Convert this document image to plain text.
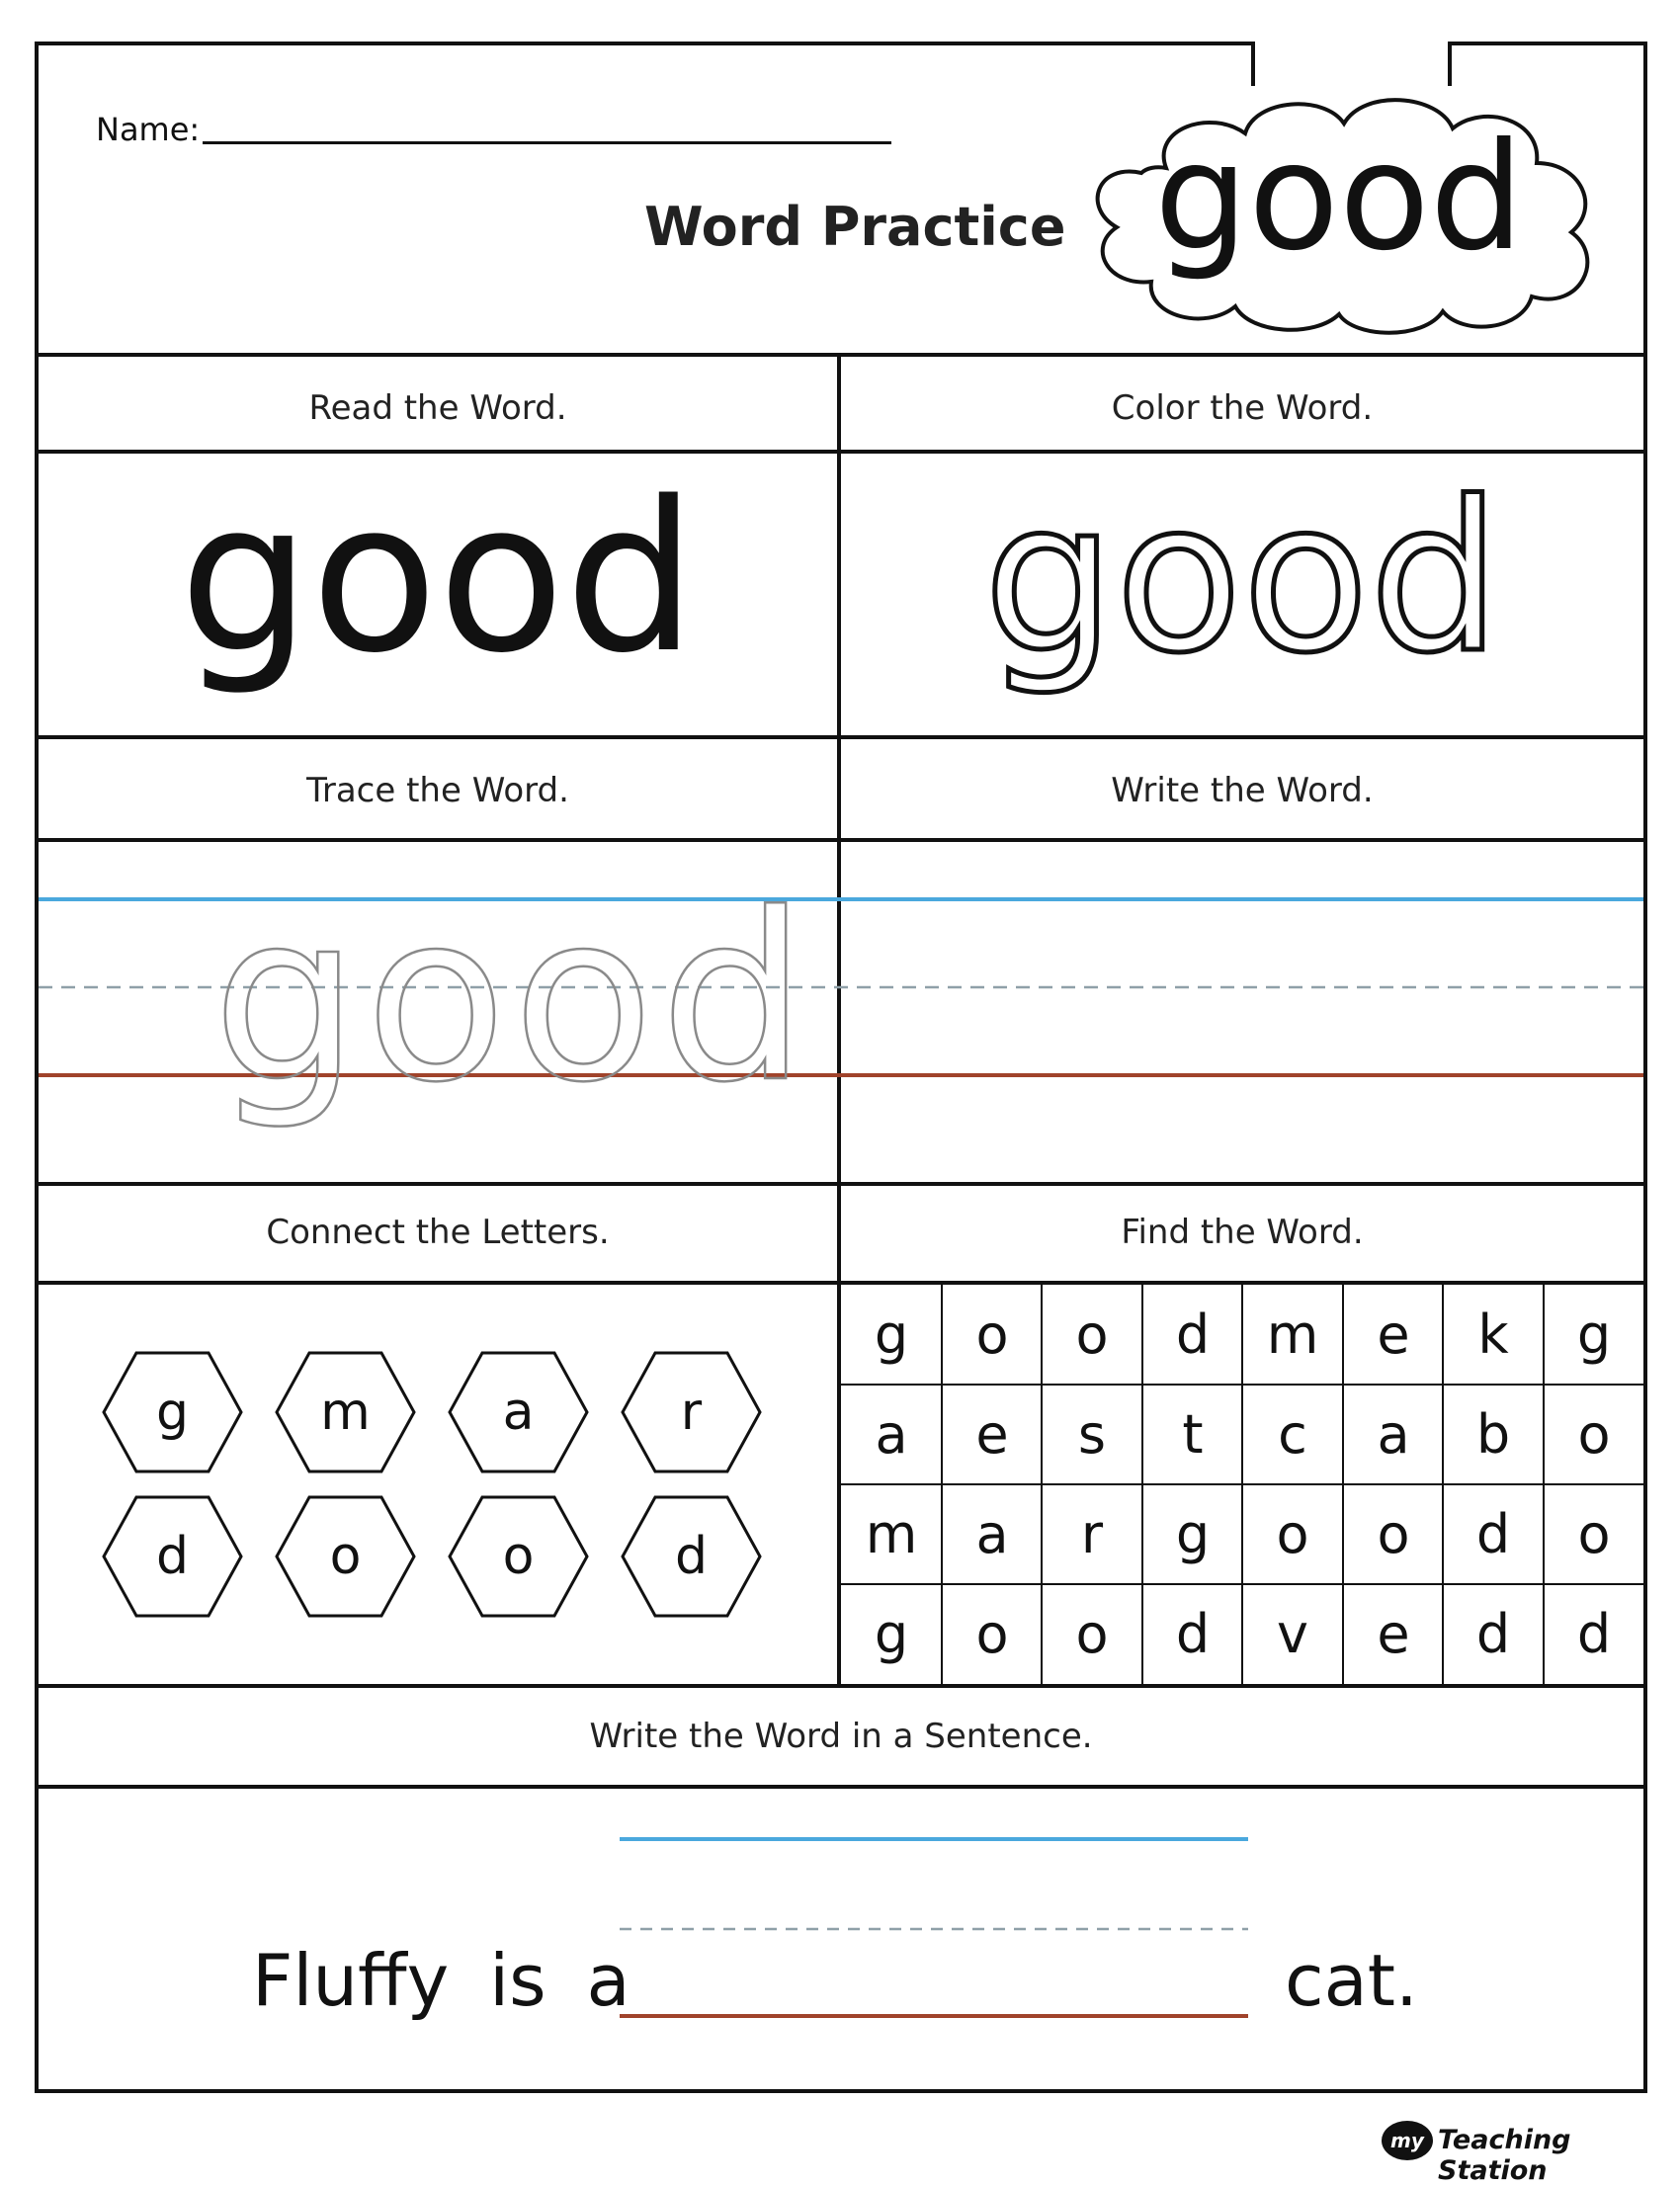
Name:
Word Practice good
Read the Word.	Color the Word.
good	good
Trace the Word.	Write the Word.
good
Connect the Letters.	Find the Word.
g	m	a	r
d	o	o	d
g	o	o	d	m	e	k	g
a	e	s	t	c	a	b	o
m	a	r	g	o	o	d	o
g	o	o	d	v	e	d	d
Write the Word in a Sentence.
Fluffy is a	cat.
my Teaching Station
